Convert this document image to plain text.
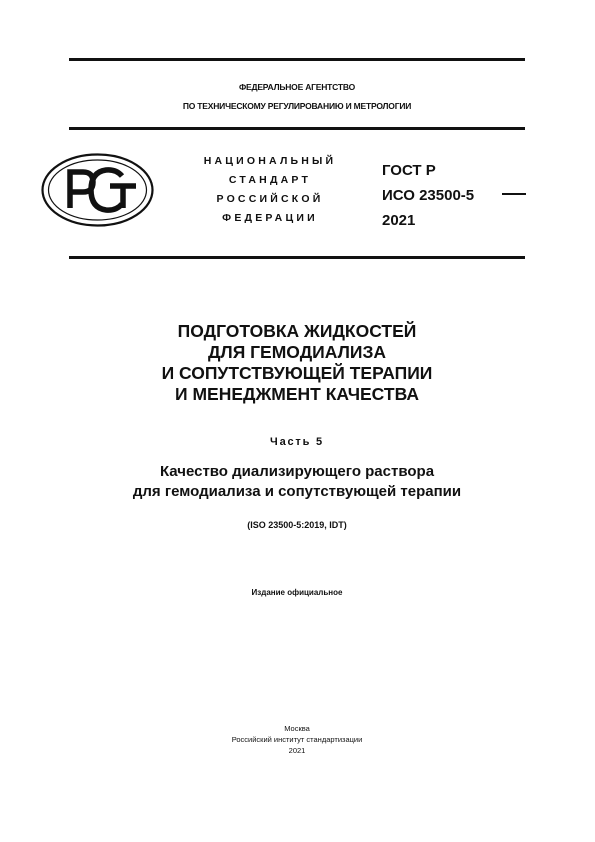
ФЕДЕРАЛЬНОЕ АГЕНТСТВО
ПО ТЕХНИЧЕСКОМУ РЕГУЛИРОВАНИЮ И МЕТРОЛОГИИ
НАЦИОНАЛЬНЫЙ
СТАНДАРТ
РОССИЙСКОЙ
ФЕДЕРАЦИИ
ГОСТ Р
ИСО 23500-5
2021
ПОДГОТОВКА ЖИДКОСТЕЙ
ДЛЯ ГЕМОДИАЛИЗА
И СОПУТСТВУЮЩЕЙ ТЕРАПИИ
И МЕНЕДЖМЕНТ КАЧЕСТВА
Часть 5
Качество диализирующего раствора
для гемодиализа и сопутствующей терапии
(ISO 23500-5:2019, IDT)
Издание официальное
Москва
Российский институт стандартизации
2021
